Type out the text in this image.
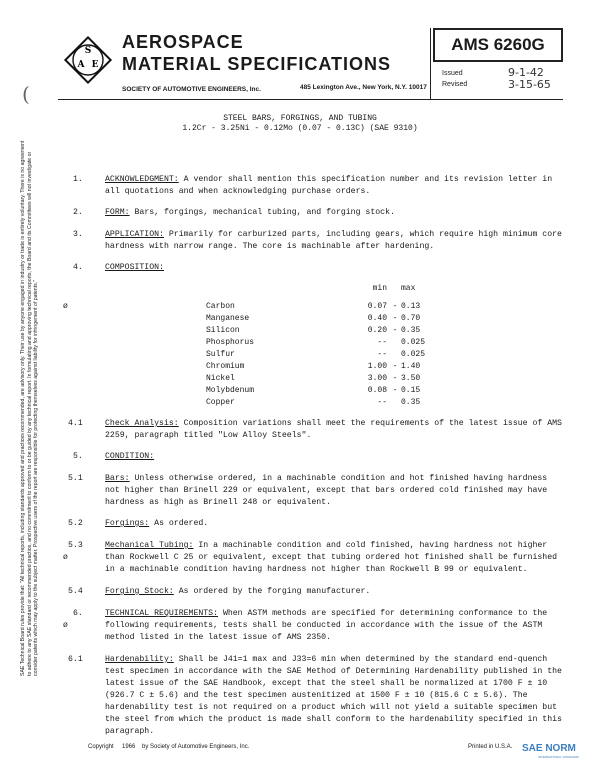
S
A E
AEROSPACE
MATERIAL SPECIFICATIONS
SOCIETY OF AUTOMOTIVE ENGINEERS, Inc.	485 Lexington Ave., New York, N.Y. 10017
AMS 6260G
Issued	9-1-42
Revised	3-15-65
(
SAE Technical Board rules provide that: "All technical reports, including standards approved and practices recommended, are advisory only. Their use by anyone engaged in industry or trade is entirely voluntary. There is no agreement to adhere to any SAE standard or recommended practice, and no commitment to conform to or be guided by any technical report. In formulating and approving technical reports, the Board and its Committees will not investigate or consider patents which may apply to the subject matter. Prospective users of the report are responsible for protecting themselves against liability for infringement of patents."
STEEL BARS, FORGINGS, AND TUBING
1.2Cr - 3.25Ni - 0.12Mo (0.07 - 0.13C) (SAE 9310)
1.	ACKNOWLEDGMENT: A vendor shall mention this specification number and its revision letter in all quotations and when acknowledging purchase orders.
2.	FORM: Bars, forgings, mechanical tubing, and forging stock.
3.	APPLICATION: Primarily for carburized parts, including gears, which require high minimum core hardness with narrow range. The core is machinable after hardening.
4.	COMPOSITION:
ø
	min		max

Carbon	0.07	-	0.13
Manganese	0.40	-	0.70
Silicon	0.20	-	0.35
Phosphorus	--		0.025
Sulfur	--		0.025
Chromium	1.00	-	1.40
Nickel	3.00	-	3.50
Molybdenum	0.08	-	0.15
Copper	--		0.35
4.1	Check Analysis: Composition variations shall meet the requirements of the latest issue of AMS 2259, paragraph titled "Low Alloy Steels".
5.	CONDITION:
5.1	Bars: Unless otherwise ordered, in a machinable condition and hot finished having hardness not higher than Brinell 229 or equivalent, except that bars ordered cold finished may have hardness as high as Brinell 248 or equivalent.
5.2	Forgings: As ordered.
5.3
ø
Mechanical Tubing: In a machinable condition and cold finished, having hardness not higher than Rockwell C 25 or equivalent, except that tubing ordered hot finished shall be furnished in a machinable condition having hardness not higher than Rockwell B 99 or equivalent.
5.4	Forging Stock: As ordered by the forging manufacturer.
6.
ø
TECHNICAL REQUIREMENTS: When ASTM methods are specified for determining conformance to the following requirements, tests shall be conducted in accordance with the issue of the ASTM method listed in the latest issue of AMS 2350.
6.1	Hardenability: Shall be J41=1 max and J33=6 min when determined by the standard end-quench test specimen in accordance with the SAE Method of Determining Hardenability published in the latest issue of the SAE Handbook, except that the steel shall be normalized at 1700 F ± 10 (926.7 C ± 5.6) and the test specimen austenitized at 1500 F ± 10 (815.6 C ± 5.6). The hardenability test is not required on a product which will not yield a suitable specimen but the steel from which the product is made shall conform to the hardenability specified in this paragraph.
Copyright 1966 by Society of Automotive Engineers, Inc.	Printed in U.S.A. SAE NORM
INTERNATIONAL STANDARD
